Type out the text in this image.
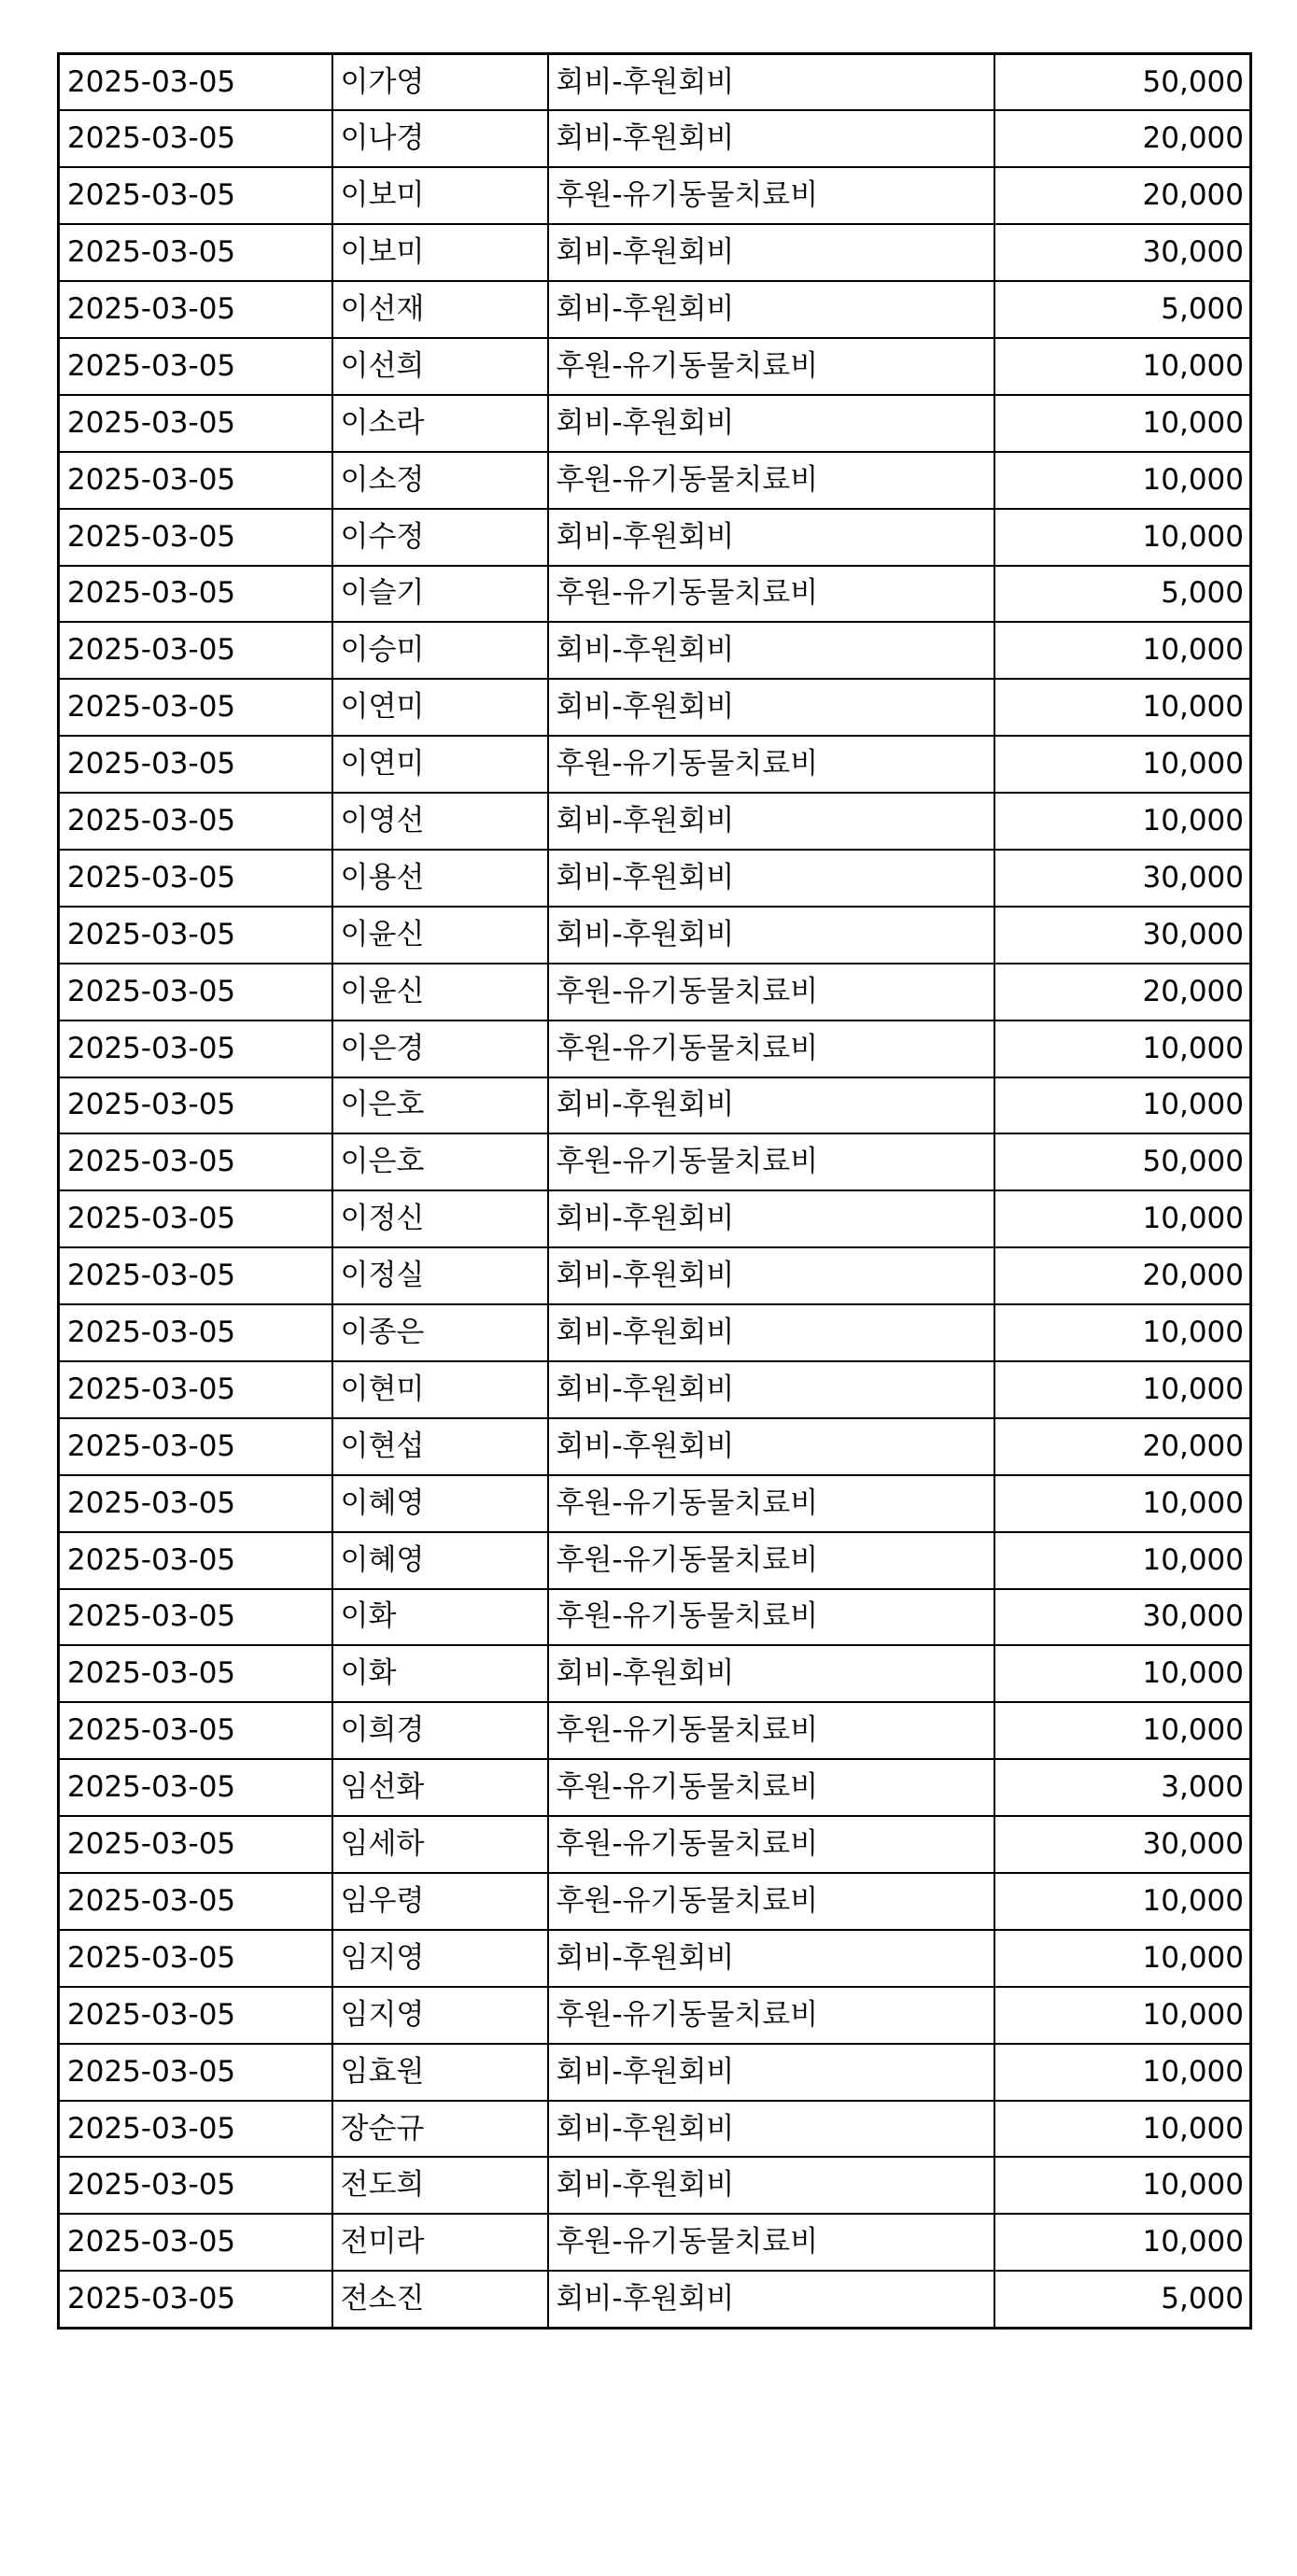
2025-03-05	이가영	회비-후원회비	50,000
2025-03-05	이나경	회비-후원회비	20,000
2025-03-05	이보미	후원-유기동물치료비	20,000
2025-03-05	이보미	회비-후원회비	30,000
2025-03-05	이선재	회비-후원회비	5,000
2025-03-05	이선희	후원-유기동물치료비	10,000
2025-03-05	이소라	회비-후원회비	10,000
2025-03-05	이소정	후원-유기동물치료비	10,000
2025-03-05	이수정	회비-후원회비	10,000
2025-03-05	이슬기	후원-유기동물치료비	5,000
2025-03-05	이승미	회비-후원회비	10,000
2025-03-05	이연미	회비-후원회비	10,000
2025-03-05	이연미	후원-유기동물치료비	10,000
2025-03-05	이영선	회비-후원회비	10,000
2025-03-05	이용선	회비-후원회비	30,000
2025-03-05	이윤신	회비-후원회비	30,000
2025-03-05	이윤신	후원-유기동물치료비	20,000
2025-03-05	이은경	후원-유기동물치료비	10,000
2025-03-05	이은호	회비-후원회비	10,000
2025-03-05	이은호	후원-유기동물치료비	50,000
2025-03-05	이정신	회비-후원회비	10,000
2025-03-05	이정실	회비-후원회비	20,000
2025-03-05	이종은	회비-후원회비	10,000
2025-03-05	이현미	회비-후원회비	10,000
2025-03-05	이현섭	회비-후원회비	20,000
2025-03-05	이혜영	후원-유기동물치료비	10,000
2025-03-05	이혜영	후원-유기동물치료비	10,000
2025-03-05	이화	후원-유기동물치료비	30,000
2025-03-05	이화	회비-후원회비	10,000
2025-03-05	이희경	후원-유기동물치료비	10,000
2025-03-05	임선화	후원-유기동물치료비	3,000
2025-03-05	임세하	후원-유기동물치료비	30,000
2025-03-05	임우령	후원-유기동물치료비	10,000
2025-03-05	임지영	회비-후원회비	10,000
2025-03-05	임지영	후원-유기동물치료비	10,000
2025-03-05	임효원	회비-후원회비	10,000
2025-03-05	장순규	회비-후원회비	10,000
2025-03-05	전도희	회비-후원회비	10,000
2025-03-05	전미라	후원-유기동물치료비	10,000
2025-03-05	전소진	회비-후원회비	5,000
